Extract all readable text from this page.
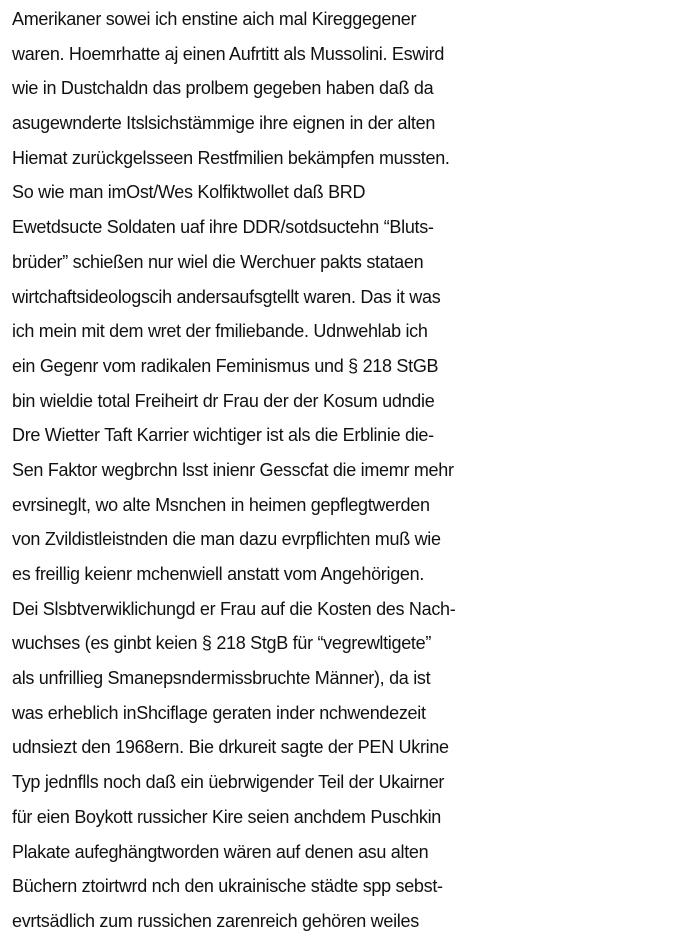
Amerikaner sowei ich enstine aich mal Kireggegener
waren. Hoemrhatte aj einen Aufrtitt als Mussolini. Eswird
wie in Dustchaldn das prolbem gegeben haben daß da
asugewnderte Itslsichstämmige ihre eignen in der alten
Hiemat zurückgelsseen Restfmilien bekämpfen mussten.
So wie man imOst/Wes Kolfiktwollet daß BRD
Ewetdsucte Soldaten uaf ihre DDR/sotdsuctehn “Bluts-
brüder” schießen nur wiel die Werchuer pakts stataen
wirtchaftsideologscih andersaufsgtellt waren. Das it was
ich mein mit dem wret der fmiliebande. Udnwehlab ich
ein Gegenr vom radikalen Feminismus und § 218 StGB
bin wieldie total Freiheirt dr Frau der der Kosum udndie
Dre Wietter Taft Karrier wichtiger ist als die Erblinie die-
Sen Faktor wegbrchn lsst inienr Gesscfat die imemr mehr
evrsineglt, wo alte Msnchen in heimen gepflegtwerden
von Zvildistleistnden die man dazu evrpflichten muß wie
es freillig keienr mchenwiell anstatt vom Angehörigen.
Dei Slsbtverwiklichungd er Frau auf die Kosten des Nach-
wuchses (es ginbt keien § 218 StgB für “vegrewltigete”
als unfrillieg Smanepsndermissbruchte Männer), da ist
was erheblich inShciflage geraten inder nchwendezeit
udnsiezt den 1968ern. Bie drkureit sagte der PEN Ukrine
Typ jednflls noch daß ein üebrwigender Teil der Ukairner
für eien Boykott russicher Kire seien anchdem Puschkin
Plakate aufeghängtworden wären auf denen asu alten
Büchern ztoirtwrd nch den ukrainische städte spp sebst-
evrtsädlich zum russichen zarenreich gehören weiles
